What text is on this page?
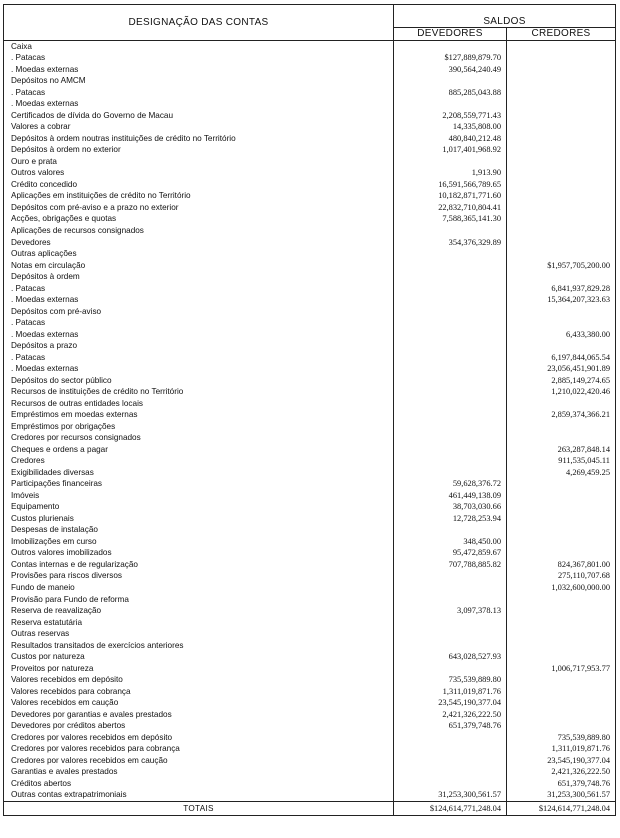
DESIGNAÇÃO DAS CONTAS	SALDOS	
	DEVEDORES	CREDORES
Caixa		
. Patacas	$127,889,879.70	
. Moedas externas	390,564,240.49	
Depósitos no AMCM		
. Patacas	885,285,043.88	
. Moedas externas		
Certificados de dívida do Governo de Macau	2,208,559,771.43	
Valores a cobrar	14,335,808.00	
Depósitos à ordem noutras instituições de crédito no Território	480,840,212.48	
Depósitos à ordem no exterior	1,017,401,968.92	
Ouro e prata		
Outros valores	1,913.90	
Crédito concedido	16,591,566,789.65	
Aplicações em instituições de crédito no Território	10,182,871,771.60	
Depósitos com pré-aviso e a prazo no exterior	22,832,710,804.41	
Acções, obrigações e quotas	7,588,365,141.30	
Aplicações de recursos consignados		
Devedores	354,376,329.89	
Outras aplicações		
Notas em circulação		$1,957,705,200.00
Depósitos à ordem		
. Patacas		6,841,937,829.28
. Moedas externas		15,364,207,323.63
Depósitos com pré-aviso		
. Patacas		
. Moedas externas		6,433,380.00
Depósitos a prazo		
. Patacas		6,197,844,065.54
. Moedas externas		23,056,451,901.89
Depósitos do sector público		2,885,149,274.65
Recursos de instituições de crédito no Território		1,210,022,420.46
Recursos de outras entidades locais		
Empréstimos em moedas externas		2,859,374,366.21
Empréstimos por obrigações		
Credores por recursos consignados		
Cheques e ordens a pagar		263,287,848.14
Credores		911,535,045.11
Exigibilidades diversas		4,269,459.25
Participações financeiras	59,628,376.72	
Imóveis	461,449,138.09	
Equipamento	38,703,030.66	
Custos plurienais	12,728,253.94	
Despesas de instalação		
Imobilizações em curso	348,450.00	
Outros valores imobilizados	95,472,859.67	
Contas internas e de regularização	707,788,885.82	824,367,801.00
Provisões para riscos diversos		275,110,707.68
Fundo de maneio		1,032,600,000.00
Provisão para Fundo de reforma		
Reserva de reavalização	3,097,378.13	
Reserva estatutária		
Outras reservas		
Resultados transitados de exercícios anteriores		
Custos por natureza	643,028,527.93	
Proveitos por natureza		1,006,717,953.77
Valores recebidos em depósito	735,539,889.80	
Valores recebidos para cobrança	1,311,019,871.76	
Valores recebidos em caução	23,545,190,377.04	
Devedores por garantias e avales prestados	2,421,326,222.50	
Devedores por créditos abertos	651,379,748.76	
Credores por valores recebidos em depósito		735,539,889.80
Credores por valores recebidos para cobrança		1,311,019,871.76
Credores por valores recebidos em caução		23,545,190,377.04
Garantias e avales prestados		2,421,326,222.50
Créditos abertos		651,379,748.76
Outras contas extrapatrimoniais	31,253,300,561.57	31,253,300,561.57
TOTAIS	$124,614,771,248.04	$124,614,771,248.04
